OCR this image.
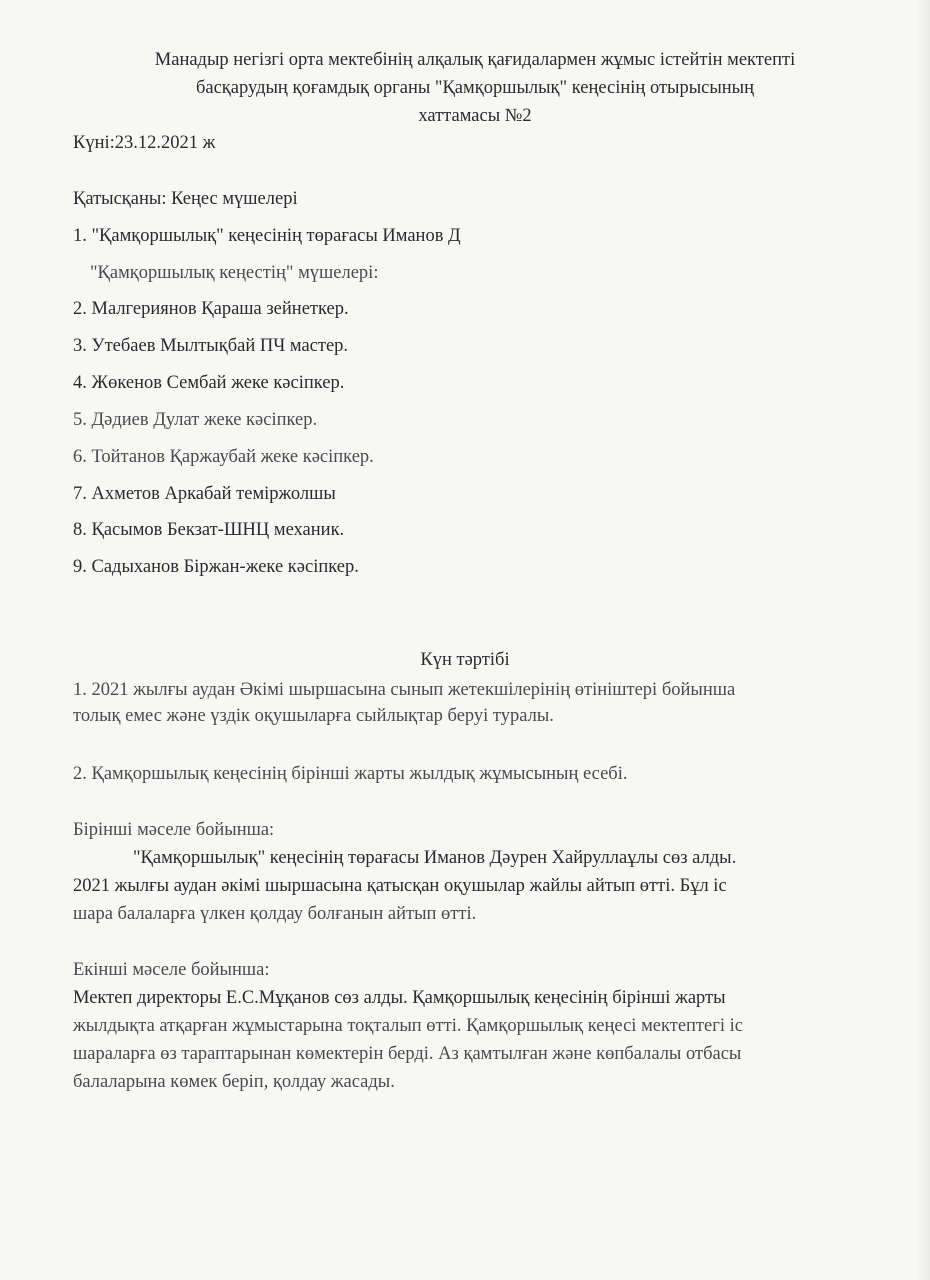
Манадыр негізгі орта мектебінің алқалық қағидалармен жұмыс істейтін мектепті
басқарудың қоғамдық органы "Қамқоршылық" кеңесінің отырысының
хаттамасы №2
Күні:23.12.2021 ж
Қатысқаны: Кеңес мүшелері
1. "Қамқоршылық" кеңесінің төрағасы Иманов Д
"Қамқоршылық кеңестің" мүшелері:
2. Малгериянов Қараша зейнеткер.
3. Утебаев Мылтықбай ПЧ мастер.
4. Жөкенов Сембай жеке кәсіпкер.
5. Дәдиев Дулат жеке кәсіпкер.
6. Тойтанов Қаржаубай жеке кәсіпкер.
7. Ахметов Аркабай теміржолшы
8. Қасымов Бекзат-ШНЦ механик.
9. Садыханов Біржан-жеке кәсіпкер.
Күн тәртібі
1. 2021 жылғы аудан Әкімі шыршасына сынып жетекшілерінің өтініштері бойынша
толық емес және үздік оқушыларға сыйлықтар беруі туралы.
2. Қамқоршылық кеңесінің бірінші жарты жылдық жұмысының есебі.
Бірінші мәселе бойынша:
"Қамқоршылық" кеңесінің төрағасы Иманов Дәурен Хайруллаұлы сөз алды.
2021 жылғы аудан әкімі шыршасына қатысқан оқушылар жайлы айтып өтті. Бұл іс
шара балаларға үлкен қолдау болғанын айтып өтті.
Екінші мәселе бойынша:
Мектеп директоры Е.С.Мұқанов сөз алды. Қамқоршылық кеңесінің бірінші жарты
жылдықта атқарған жұмыстарына тоқталып өтті. Қамқоршылық кеңесі мектептегі іс
шараларға өз тараптарынан көмектерін берді. Аз қамтылған және көпбалалы отбасы
балаларына көмек беріп, қолдау жасады.
